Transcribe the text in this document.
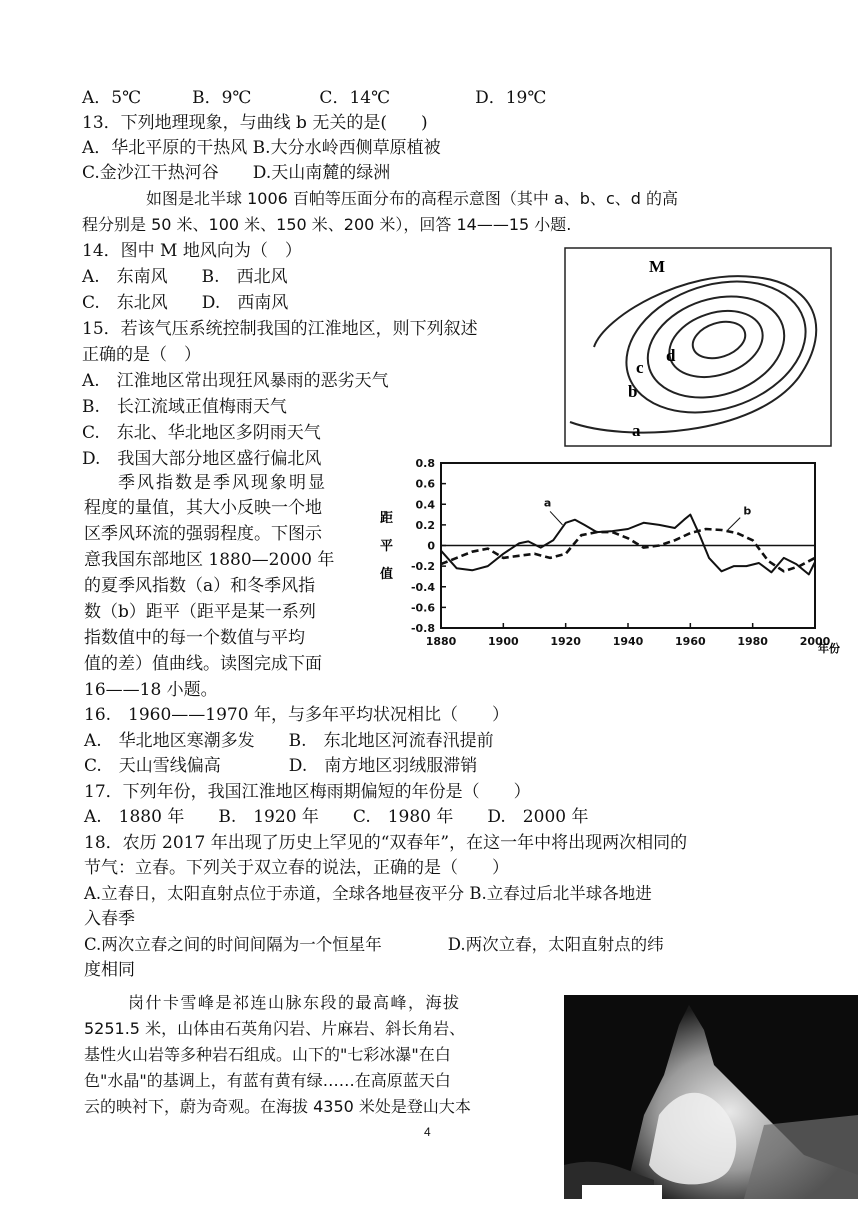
A．5℃　　　B．9℃　　　　C．14℃　　　　　D．19℃
13．下列地理现象，与曲线 b 无关的是(　　)
A．华北平原的干热风 B.大分水岭西侧草原植被
C.金沙江干热河谷　　D.天山南麓的绿洲
如图是北半球 1006 百帕等压面分布的高程示意图（其中 a、b、c、d 的高
程分别是 50 米、100 米、150 米、200 米），回答 14——15 小题.
14．图中 M 地风向为（　）
A.　东南风　　B.　西北风
C.　东北风　　D.　西南风
15．若该气压系统控制我国的江淮地区，则下列叙述
正确的是（　）
A.　江淮地区常出现狂风暴雨的恶劣天气
B.　长江流域正值梅雨天气
C.　东北、华北地区多阴雨天气
D.　我国大部分地区盛行偏北风
季风指数是季风现象明显
程度的量值，其大小反映一个地
区季风环流的强弱程度。下图示
意我国东部地区 1880—2000 年
的夏季风指数（a）和冬季风指
数（b）距平（距平是某一系列
指数值中的每一个数值与平均
值的差）值曲线。读图完成下面
16——18 小题。
16.　1960——1970 年，与多年平均状况相比（　　）
A.　华北地区寒潮多发　　B.　东北地区河流春汛提前
C.　天山雪线偏高　　　　D.　南方地区羽绒服滞销
17．下列年份，我国江淮地区梅雨期偏短的年份是（　　）
A.　1880 年　　B.　1920 年　　C.　1980 年　　D.　2000 年
18．农历 2017 年出现了历史上罕见的“双春年”，在这一年中将出现两次相同的
节气：立春。下列关于双立春的说法，正确的是（　　）
A.立春日，太阳直射点位于赤道，全球各地昼夜平分 B.立春过后北半球各地进
入春季
C.两次立春之间的时间间隔为一个恒星年　　　　D.两次立春，太阳直射点的纬
度相同
岗什卡雪峰是祁连山脉东段的最高峰，海拔
5251.5 米，山体由石英角闪岩、片麻岩、斜长角岩、
基性火山岩等多种岩石组成。山下的"七彩冰瀑"在白
色"水晶"的基调上，有蓝有黄有绿……在高原蓝天白
云的映衬下，蔚为奇观。在海拔 4350 米处是登山大本
M
d
c
b
a
距
平
值
0.8
0.6
0.4
0.2
0
-0.2
-0.4
-0.6
-0.8
1880	1900	1920	1940	1960	1980	2000
a
b
年份
4
